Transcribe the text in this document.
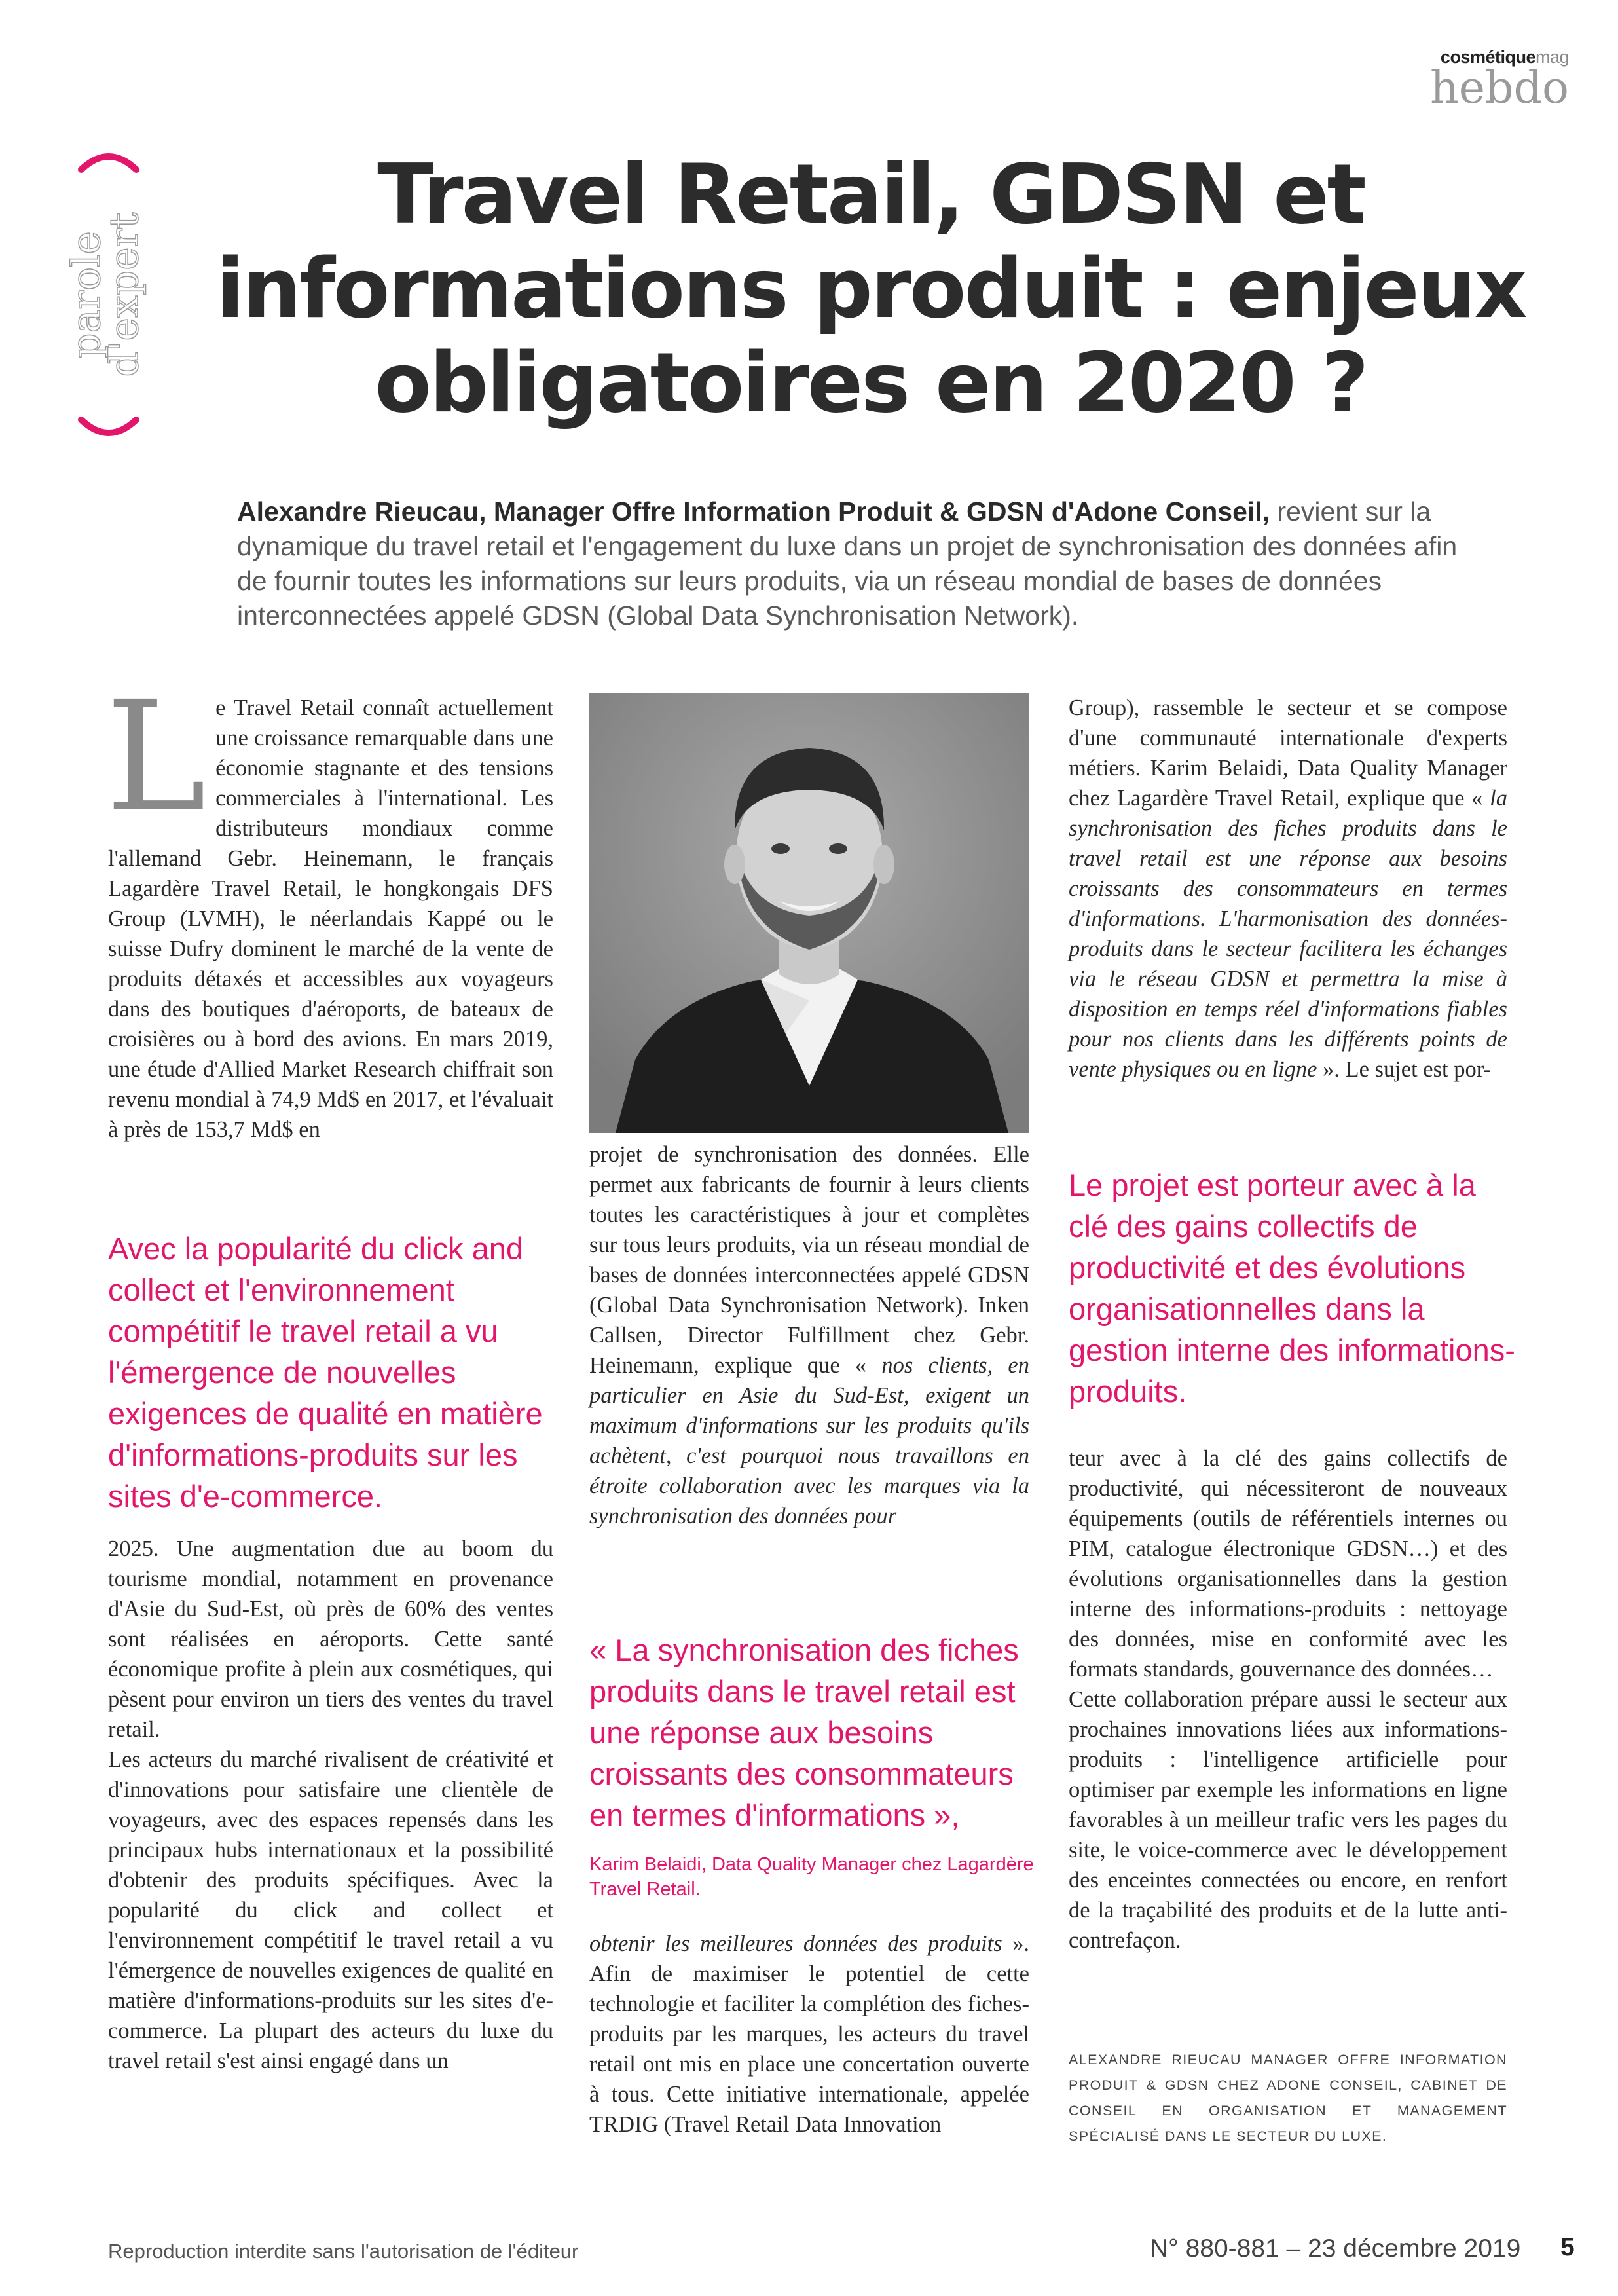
cosmétiquemag
hebdo
parole
d'expert
Travel Retail, GDSN et
informations produit : enjeux
obligatoires en 2020 ?

Alexandre Rieucau, Manager Offre Information Produit & GDSN d'Adone Conseil, revient sur la dynamique du travel retail et l'engagement du luxe dans un projet de synchronisation des données afin de fournir toutes les informations sur leurs produits, via un réseau mondial de bases de données interconnectées appelé GDSN (Global Data Synchronisation Network).

L e Travel Retail connaît actuellement une croissance remarquable dans une économie stagnante et des tensions commerciales à l'international. Les distributeurs mondiaux comme l'allemand Gebr. Heinemann, le français Lagardère Travel Retail, le hongkongais DFS Group (LVMH), le néerlandais Kappé ou le suisse Dufry dominent le marché de la vente de produits détaxés et accessibles aux voyageurs dans des boutiques d'aéroports, de bateaux de croisières ou à bord des avions. En mars 2019, une étude d'Allied Market Research chiffrait son revenu mondial à 74,9 Md$ en 2017, et l'évaluait à près de 153,7 Md$ en

Avec la popularité du click and collect et l'environnement compétitif le travel retail a vu l'émergence de nouvelles exigences de qualité en matière d'informations-produits sur les sites d'e-commerce.

2025. Une augmentation due au boom du tourisme mondial, notamment en provenance d'Asie du Sud-Est, où près de 60% des ventes sont réalisées en aéroports. Cette santé économique profite à plein aux cosmétiques, qui pèsent pour environ un tiers des ventes du travel retail.

Les acteurs du marché rivalisent de créativité et d'innovations pour satisfaire une clientèle de voyageurs, avec des espaces repensés dans les principaux hubs internationaux et la possibilité d'obtenir des produits spécifiques. Avec la popularité du click and collect et l'environnement compétitif le travel retail a vu l'émergence de nouvelles exigences de qualité en matière d'informations-produits sur les sites d'e-commerce. La plupart des acteurs du luxe du travel retail s'est ainsi engagé dans un

projet de synchronisation des données. Elle permet aux fabricants de fournir à leurs clients toutes les caractéristiques à jour et complètes sur tous leurs produits, via un réseau mondial de bases de données interconnectées appelé GDSN (Global Data Synchronisation Network). Inken Callsen, Director Fulfillment chez Gebr. Heinemann, explique que « nos clients, en particulier en Asie du Sud-Est, exigent un maximum d'informations sur les produits qu'ils achètent, c'est pourquoi nous travaillons en étroite collaboration avec les marques via la synchronisation des données pour

« La synchronisation des fiches produits dans le travel retail est une réponse aux besoins croissants des consommateurs en termes d'informations »,

Karim Belaidi, Data Quality Manager chez Lagardère Travel Retail.

obtenir les meilleures données des produits ». Afin de maximiser le potentiel de cette technologie et faciliter la complétion des fiches-produits par les marques, les acteurs du travel retail ont mis en place une concertation ouverte à tous. Cette initiative internationale, appelée TRDIG (Travel Retail Data Innovation

Group), rassemble le secteur et se compose d'une communauté internationale d'experts métiers. Karim Belaidi, Data Quality Manager chez Lagardère Travel Retail, explique que « la synchronisation des fiches produits dans le travel retail est une réponse aux besoins croissants des consommateurs en termes d'informations. L'harmonisation des données-produits dans le secteur facilitera les échanges via le réseau GDSN et permettra la mise à disposition en temps réel d'informations fiables pour nos clients dans les différents points de vente physiques ou en ligne ». Le sujet est por-

Le projet est porteur avec à la clé des gains collectifs de productivité et des évolutions organisationnelles dans la gestion interne des informations-produits.

teur avec à la clé des gains collectifs de productivité, qui nécessiteront de nouveaux équipements (outils de référentiels internes ou PIM, catalogue électronique GDSN…) et des évolutions organisationnelles dans la gestion interne des informations-produits : nettoyage des données, mise en conformité avec les formats standards, gouvernance des données…

Cette collaboration prépare aussi le secteur aux prochaines innovations liées aux informations-produits : l'intelligence artificielle pour optimiser par exemple les informations en ligne favorables à un meilleur trafic vers les pages du site, le voice-commerce avec le développement des enceintes connectées ou encore, en renfort de la traçabilité des produits et de la lutte anti-contrefaçon.

ALEXANDRE RIEUCAU MANAGER OFFRE INFORMATION PRODUIT & GDSN CHEZ ADONE CONSEIL, CABINET DE CONSEIL EN ORGANISATION ET MANAGEMENT SPÉCIALISÉ DANS LE SECTEUR DU LUXE.
Reproduction interdite sans l'autorisation de l'éditeur	N° 880-881 – 23 décembre 2019 5
